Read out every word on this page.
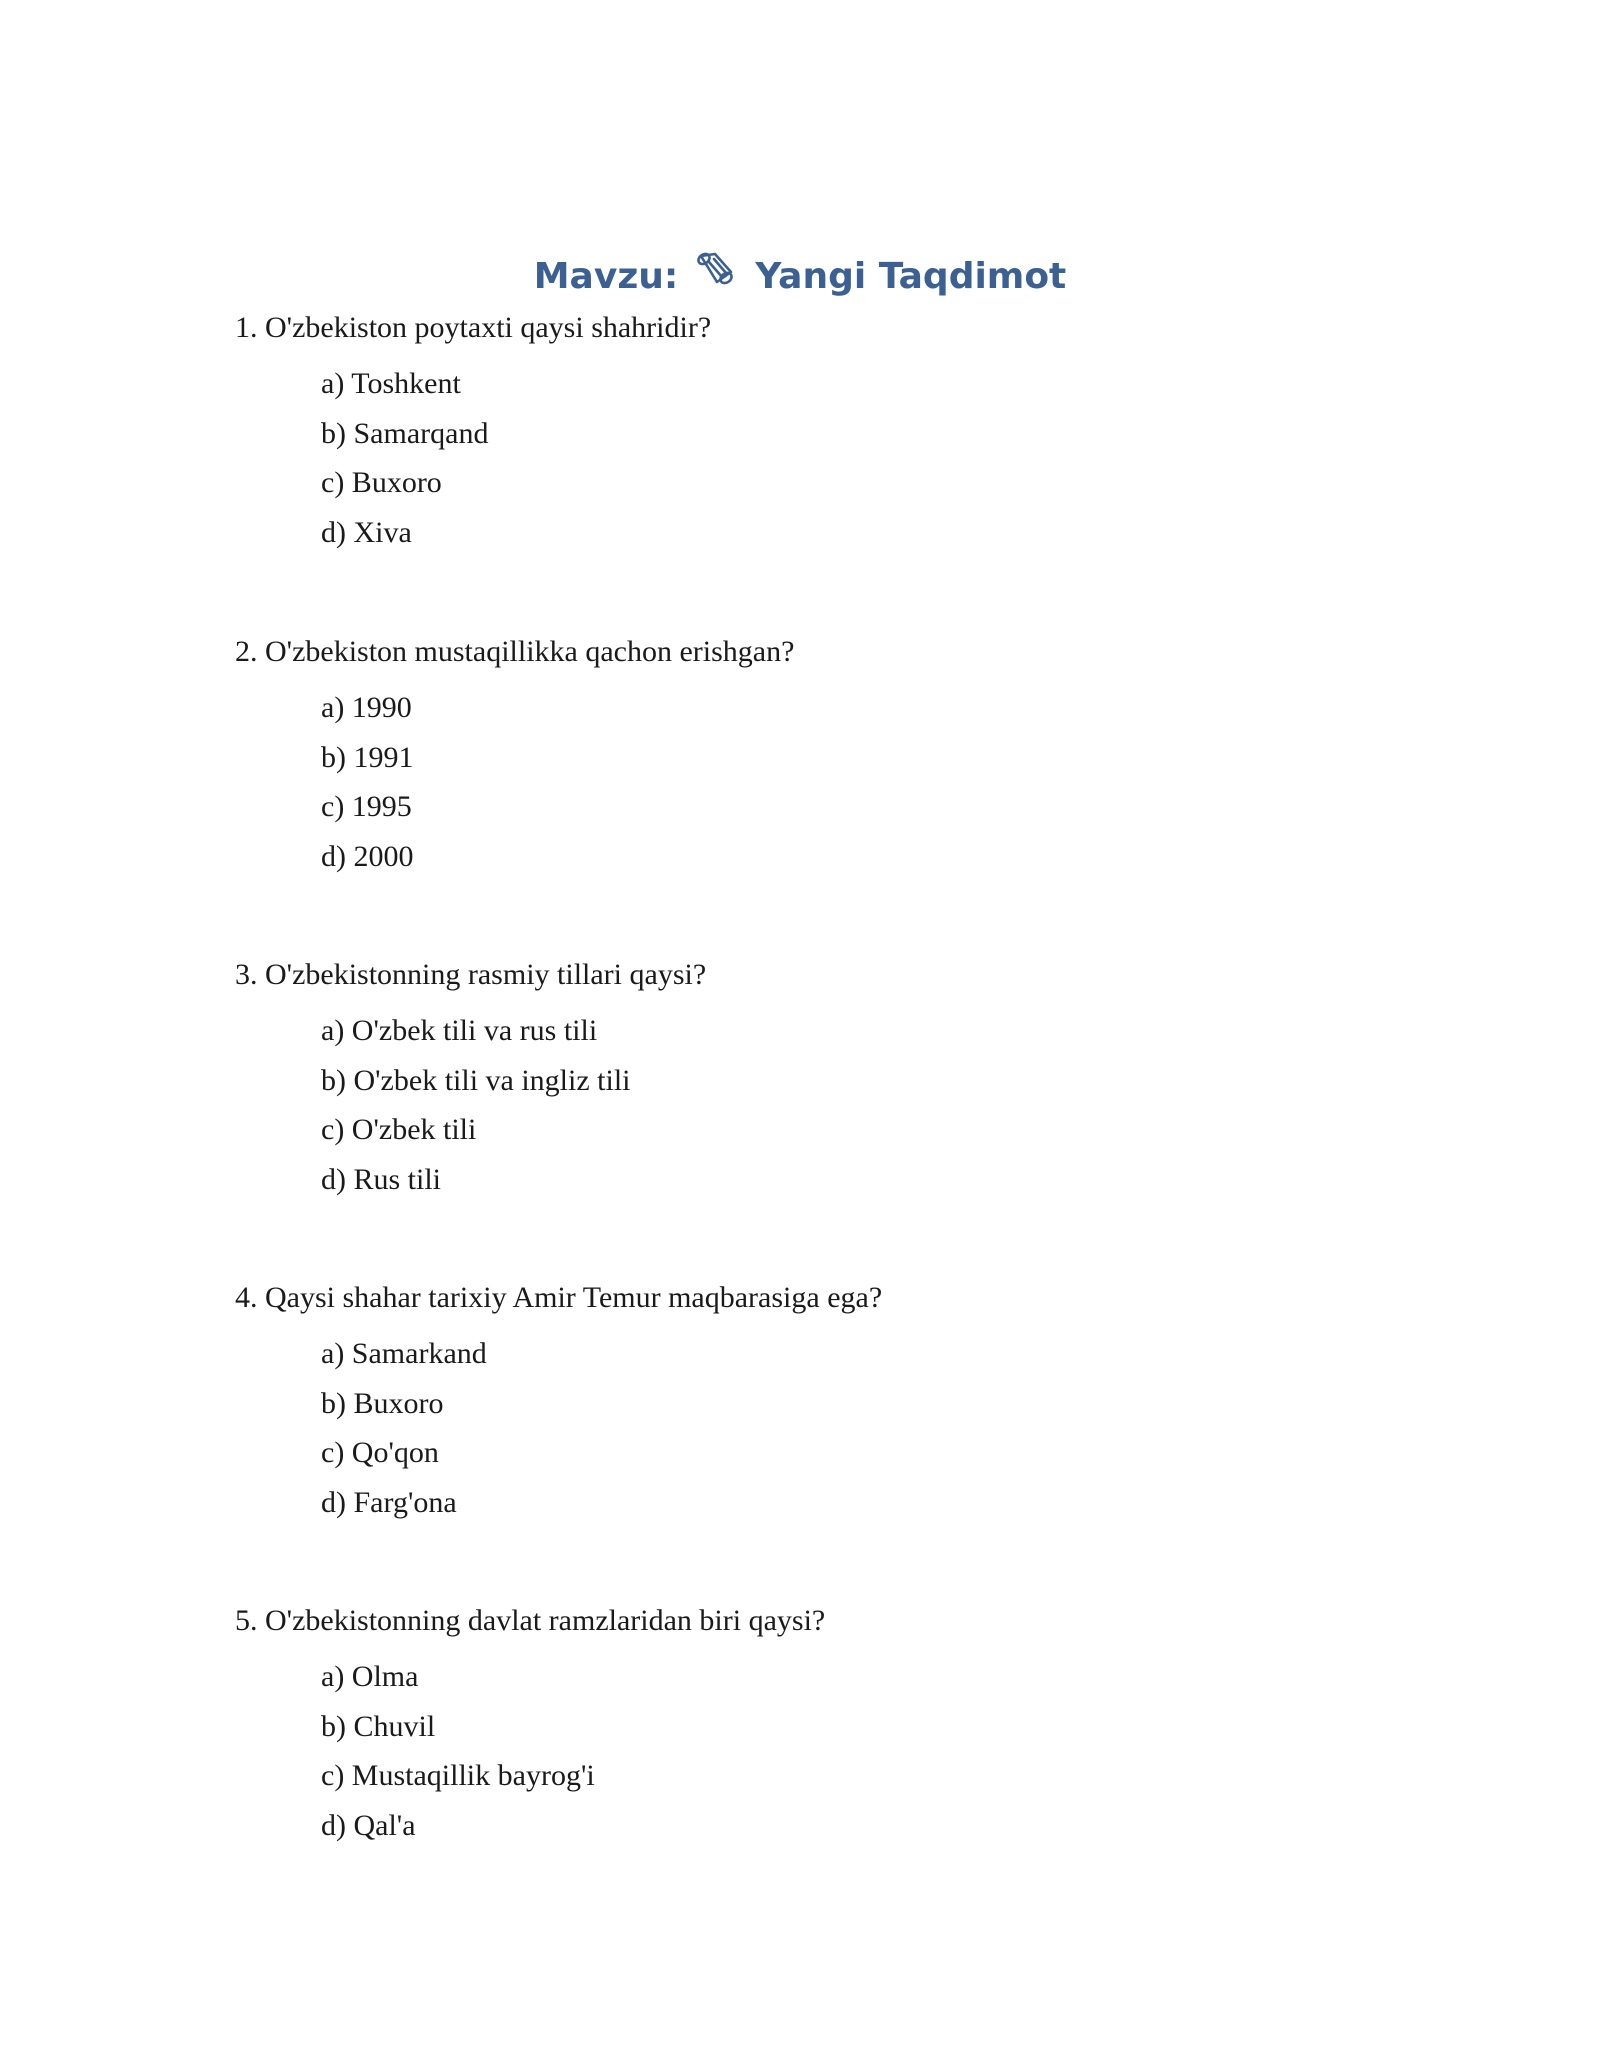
Mavzu: Yangi Taqdimot
1. O'zbekiston poytaxti qaysi shahridir?
a) Toshkent
b) Samarqand
c) Buxoro
d) Xiva
2. O'zbekiston mustaqillikka qachon erishgan?
a) 1990
b) 1991
c) 1995
d) 2000
3. O'zbekistonning rasmiy tillari qaysi?
a) O'zbek tili va rus tili
b) O'zbek tili va ingliz tili
c) O'zbek tili
d) Rus tili
4. Qaysi shahar tarixiy Amir Temur maqbarasiga ega?
a) Samarkand
b) Buxoro
c) Qo'qon
d) Farg'ona
5. O'zbekistonning davlat ramzlaridan biri qaysi?
a) Olma
b) Chuvil
c) Mustaqillik bayrog'i
d) Qal'a
